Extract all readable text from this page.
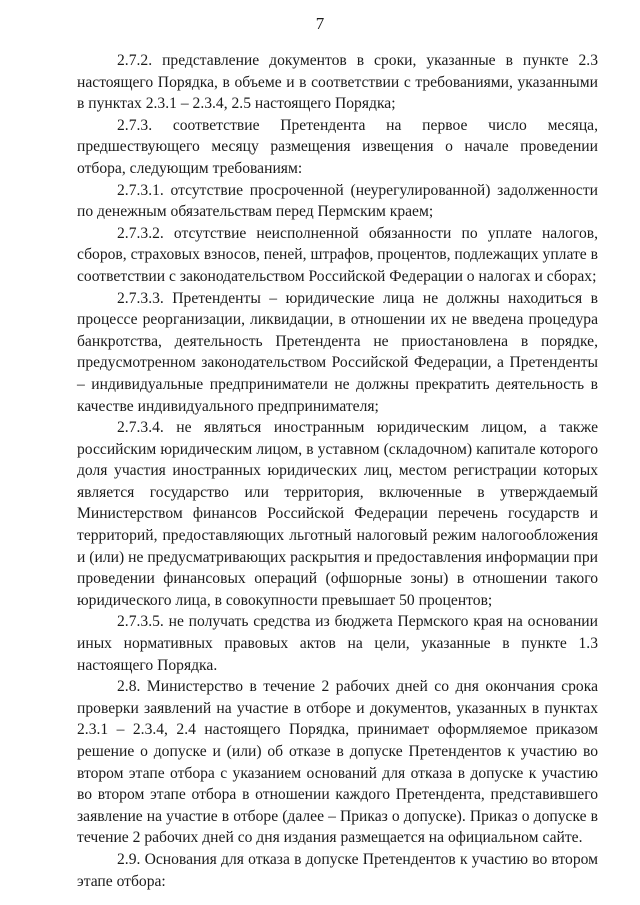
7

2.7.2. представление документов в сроки, указанные в пункте 2.3 настоящего Порядка, в объеме и в соответствии с требованиями, указанными в пунктах 2.3.1 – 2.3.4, 2.5 настоящего Порядка;

2.7.3. соответствие Претендента на первое число месяца, предшествующего месяцу размещения извещения о начале проведении отбора, следующим требованиям:

2.7.3.1. отсутствие просроченной (неурегулированной) задолженности по денежным обязательствам перед Пермским краем;

2.7.3.2. отсутствие неисполненной обязанности по уплате налогов, сборов, страховых взносов, пеней, штрафов, процентов, подлежащих уплате в соответствии с законодательством Российской Федерации о налогах и сборах;

2.7.3.3. Претенденты – юридические лица не должны находиться в процессе реорганизации, ликвидации, в отношении их не введена процедура банкротства, деятельность Претендента не приостановлена в порядке, предусмотренном законодательством Российской Федерации, а Претенденты – индивидуальные предприниматели не должны прекратить деятельность в качестве индивидуального предпринимателя;

2.7.3.4. не являться иностранным юридическим лицом, а также российским юридическим лицом, в уставном (складочном) капитале которого доля участия иностранных юридических лиц, местом регистрации которых является государство или территория, включенные в утверждаемый Министерством финансов Российской Федерации перечень государств и территорий, предоставляющих льготный налоговый режим налогообложения и (или) не предусматривающих раскрытия и предоставления информации при проведении финансовых операций (офшорные зоны) в отношении такого юридического лица, в совокупности превышает 50 процентов;

2.7.3.5. не получать средства из бюджета Пермского края на основании иных нормативных правовых актов на цели, указанные в пункте 1.3 настоящего Порядка.

2.8. Министерство в течение 2 рабочих дней со дня окончания срока проверки заявлений на участие в отборе и документов, указанных в пунктах 2.3.1 – 2.3.4, 2.4 настоящего Порядка, принимает оформляемое приказом решение о допуске и (или) об отказе в допуске Претендентов к участию во втором этапе отбора с указанием оснований для отказа в допуске к участию во втором этапе отбора в отношении каждого Претендента, представившего заявление на участие в отборе (далее – Приказ о допуске). Приказ о допуске в течение 2 рабочих дней со дня издания размещается на официальном сайте.

2.9. Основания для отказа в допуске Претендентов к участию во втором этапе отбора:
